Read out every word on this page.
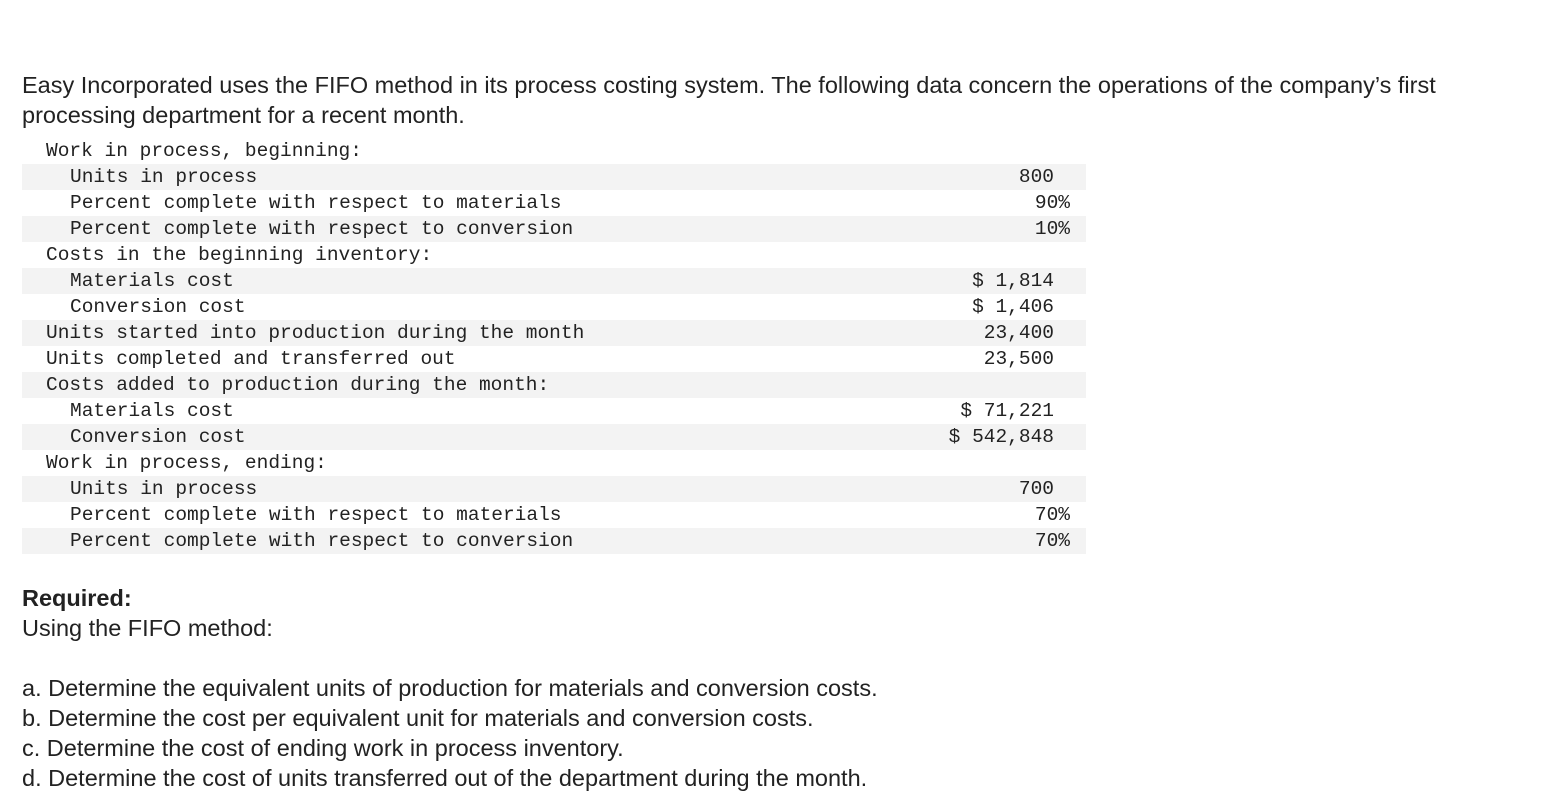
Easy Incorporated uses the FIFO method in its process costing system. The following data concern the operations of the company’s first processing department for a recent month.

Work in process, beginning:	
Units in process	800
Percent complete with respect to materials	90%
Percent complete with respect to conversion	10%
Costs in the beginning inventory:	
Materials cost	$ 1,814
Conversion cost	$ 1,406
Units started into production during the month	23,400
Units completed and transferred out	23,500
Costs added to production during the month:	
Materials cost	$ 71,221
Conversion cost	$ 542,848
Work in process, ending:	
Units in process	700
Percent complete with respect to materials	70%
Percent complete with respect to conversion	70%
Required:
Using the FIFO method:
a. Determine the equivalent units of production for materials and conversion costs.
b. Determine the cost per equivalent unit for materials and conversion costs.
c. Determine the cost of ending work in process inventory.
d. Determine the cost of units transferred out of the department during the month.
